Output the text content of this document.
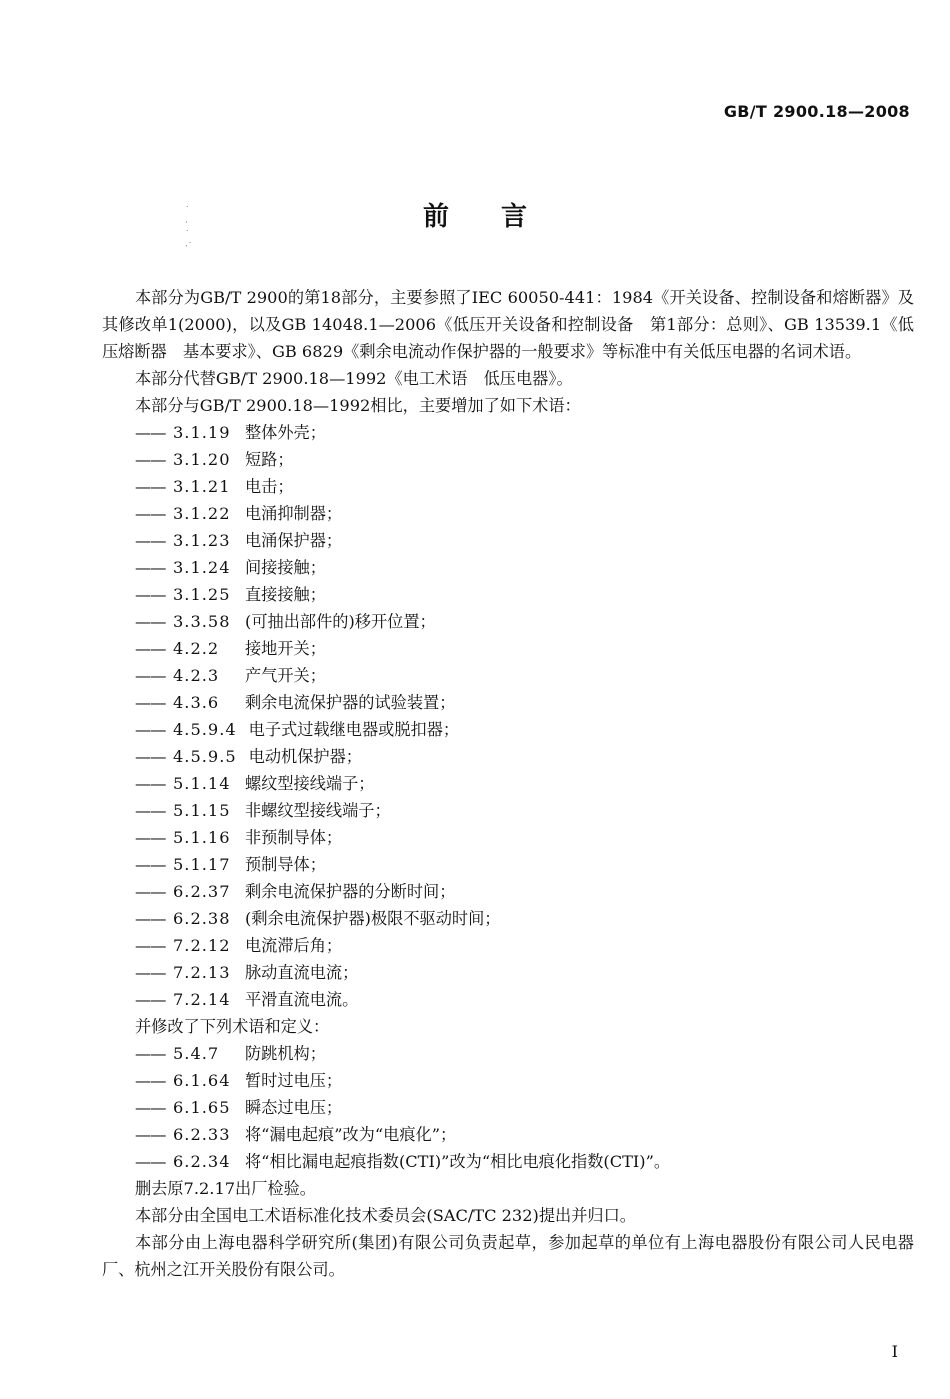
GB/T 2900.18—2008
˙
·
˙
·˙
前言

本部分为GB/T 2900的第18部分，主要参照了IEC 60050-441：1984《开关设备、控制设备和熔断器》及其修改单1(2000)，以及GB 14048.1—2006《低压开关设备和控制设备　第1部分：总则》、GB 13539.1《低压熔断器　基本要求》、GB 6829《剩余电流动作保护器的一般要求》等标准中有关低压电器的名词术语。

本部分代替GB/T 2900.18—1992《电工术语　低压电器》。

本部分与GB/T 2900.18—1992相比，主要增加了如下术语：

—— 3.1.19 整体外壳；
—— 3.1.20 短路；
—— 3.1.21 电击；
—— 3.1.22 电涌抑制器；
—— 3.1.23 电涌保护器；
—— 3.1.24 间接接触；
—— 3.1.25 直接接触；
—— 3.3.58 (可抽出部件的)移开位置；
—— 4.2.2 接地开关；
—— 4.2.3 产气开关；
—— 4.3.6 剩余电流保护器的试验装置；
—— 4.5.9.4 电子式过载继电器或脱扣器；
—— 4.5.9.5 电动机保护器；
—— 5.1.14 螺纹型接线端子；
—— 5.1.15 非螺纹型接线端子；
—— 5.1.16 非预制导体；
—— 5.1.17 预制导体；
—— 6.2.37 剩余电流保护器的分断时间；
—— 6.2.38 (剩余电流保护器)极限不驱动时间；
—— 7.2.12 电流滞后角；
—— 7.2.13 脉动直流电流；
—— 7.2.14 平滑直流电流。

并修改了下列术语和定义：

—— 5.4.7 防跳机构；
—— 6.1.64 暂时过电压；
—— 6.1.65 瞬态过电压；
—— 6.2.33 将“漏电起痕”改为“电痕化”；
—— 6.2.34 将“相比漏电起痕指数(CTI)”改为“相比电痕化指数(CTI)”。

删去原7.2.17出厂检验。

本部分由全国电工术语标准化技术委员会(SAC/TC 232)提出并归口。

本部分由上海电器科学研究所(集团)有限公司负责起草，参加起草的单位有上海电器股份有限公司人民电器厂、杭州之江开关股份有限公司。

I
